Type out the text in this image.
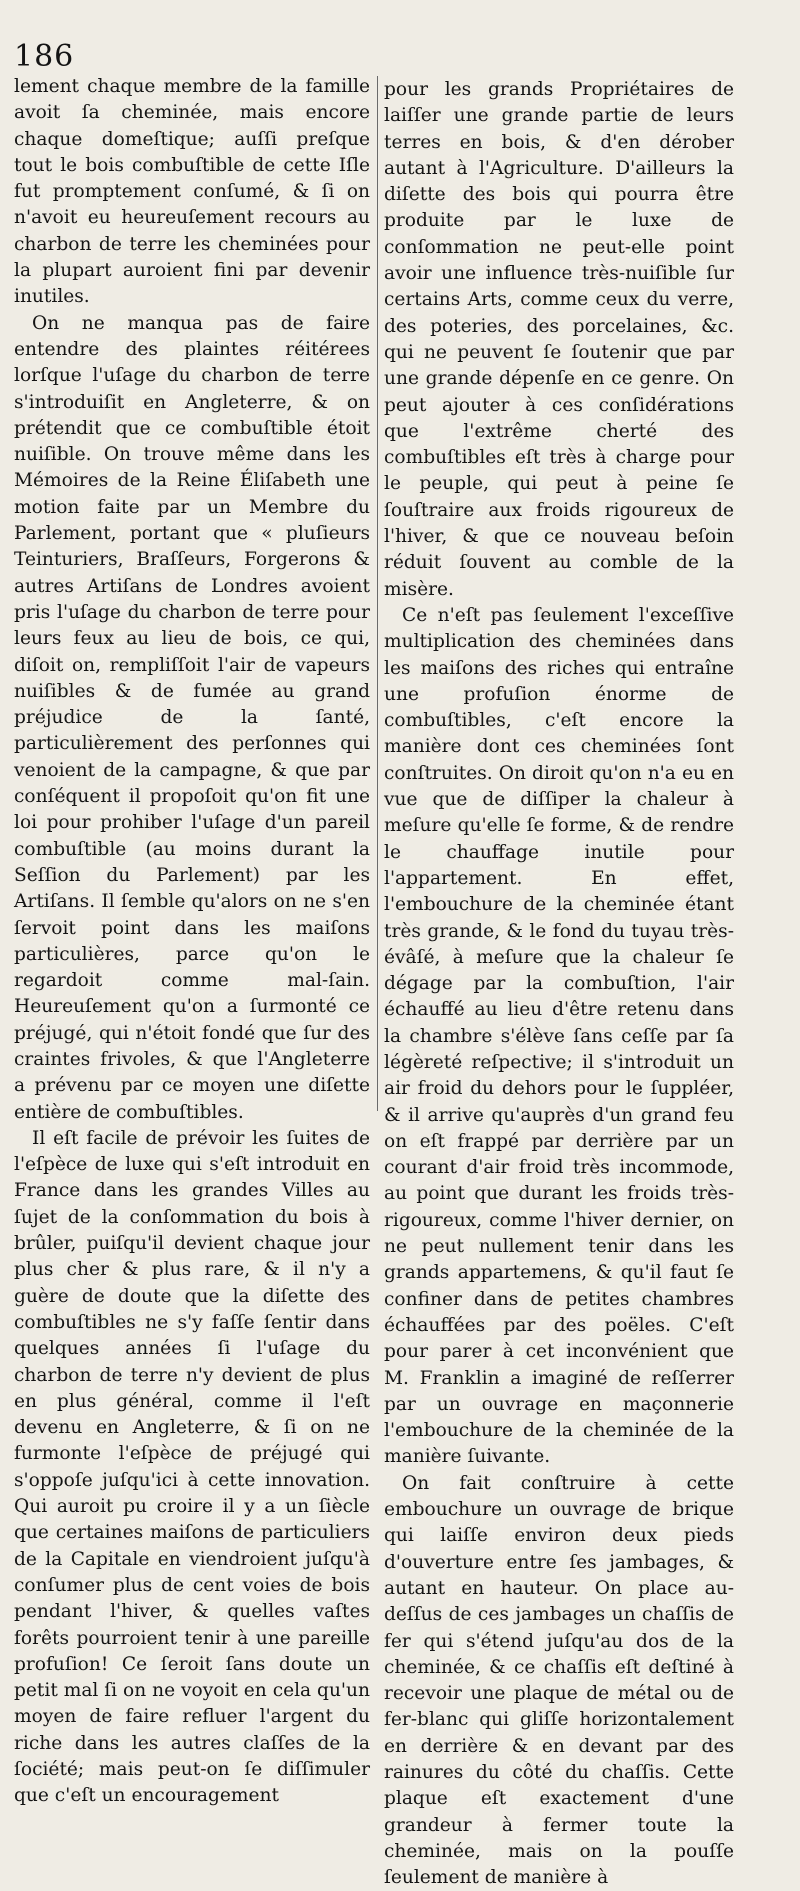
186

lement chaque membre de la famille avoit ſa cheminée, mais encore chaque domeſtique; auſſi preſque tout le bois combuſtible de cette Iſle fut promptement conſumé, & ſi on n'avoit eu heureuſement recours au charbon de terre les cheminées pour la plupart auroient fini par devenir inutiles.

On ne manqua pas de faire entendre des plaintes réitérees lorſque l'uſage du charbon de terre s'introduiſit en Angleterre, & on prétendit que ce combuſtible étoit nuiſible. On trouve même dans les Mémoires de la Reine Éliſabeth une motion faite par un Membre du Parlement, portant que « pluſieurs Teinturiers, Braſſeurs, Forgerons & autres Artiſans de Londres avoient pris l'uſage du charbon de terre pour leurs feux au lieu de bois, ce qui, diſoit on, rempliſſoit l'air de vapeurs nuiſibles & de fumée au grand préjudice de la ſanté, particulièrement des perſonnes qui venoient de la campagne, & que par conſéquent il propoſoit qu'on fit une loi pour prohiber l'uſage d'un pareil combuſtible (au moins durant la Seſſion du Parlement) par les Artiſans. Il ſemble qu'alors on ne s'en ſervoit point dans les maiſons particulières, parce qu'on le regardoit comme mal-ſain. Heureuſement qu'on a ſurmonté ce préjugé, qui n'étoit fondé que ſur des craintes frivoles, & que l'Angleterre a prévenu par ce moyen une diſette entière de combuſtibles.

Il eſt facile de prévoir les ſuites de l'eſpèce de luxe qui s'eſt introduit en France dans les grandes Villes au ſujet de la conſommation du bois à brûler, puiſqu'il devient chaque jour plus cher & plus rare, & il n'y a guère de doute que la diſette des combuſtibles ne s'y faſſe ſentir dans quelques années ſi l'uſage du charbon de terre n'y devient de plus en plus général, comme il l'eſt devenu en Angleterre, & ſi on ne furmonte l'eſpèce de préjugé qui s'oppoſe juſqu'ici à cette innovation. Qui auroit pu croire il y a un ſiècle que certaines maiſons de particuliers de la Capitale en viendroient juſqu'à conſumer plus de cent voies de bois pendant l'hiver, & quelles vaſtes forêts pourroient tenir à une pareille profuſion! Ce ſeroit ſans doute un petit mal ſi on ne voyoit en cela qu'un moyen de faire refluer l'argent du riche dans les autres claſſes de la ſociété; mais peut-on ſe diſſimuler que c'eſt un encouragement

pour les grands Propriétaires de laiſſer une grande partie de leurs terres en bois, & d'en dérober autant à l'Agriculture. D'ailleurs la diſette des bois qui pourra être produite par le luxe de conſommation ne peut-elle point avoir une influence très-nuiſible ſur certains Arts, comme ceux du verre, des poteries, des porcelaines, &c. qui ne peuvent ſe ſoutenir que par une grande dépenſe en ce genre. On peut ajouter à ces conſidérations que l'extrême cherté des combuſtibles eſt très à charge pour le peuple, qui peut à peine ſe ſouſtraire aux froids rigoureux de l'hiver, & que ce nouveau beſoin réduit ſouvent au comble de la misère.

Ce n'eſt pas ſeulement l'exceſſive multiplication des cheminées dans les maiſons des riches qui entraîne une profuſion énorme de combuſtibles, c'eſt encore la manière dont ces cheminées ſont conſtruites. On diroit qu'on n'a eu en vue que de diſſiper la chaleur à meſure qu'elle ſe forme, & de rendre le chauffage inutile pour l'appartement. En effet, l'embouchure de la cheminée étant très grande, & le fond du tuyau très-évâſé, à meſure que la chaleur ſe dégage par la combuſtion, l'air échauffé au lieu d'être retenu dans la chambre s'élève ſans ceſſe par ſa légèreté reſpective; il s'introduit un air froid du dehors pour le ſuppléer, & il arrive qu'auprès d'un grand feu on eſt frappé par derrière par un courant d'air froid très incommode, au point que durant les froids très-rigoureux, comme l'hiver dernier, on ne peut nullement tenir dans les grands appartemens, & qu'il faut ſe confiner dans de petites chambres échauffées par des poëles. C'eſt pour parer à cet inconvénient que M. Franklin a imaginé de reſſerrer par un ouvrage en maçonnerie l'embouchure de la cheminée de la manière ſuivante.

On fait conſtruire à cette embouchure un ouvrage de brique qui laiſſe environ deux pieds d'ouverture entre ſes jambages, & autant en hauteur. On place au-deſſus de ces jambages un chaſſis de fer qui s'étend juſqu'au dos de la cheminée, & ce chaſſis eſt deſtiné à recevoir une plaque de métal ou de fer-blanc qui gliſſe horizontalement en derrière & en devant par des rainures du côté du chaſſis. Cette plaque eſt exactement d'une grandeur à fermer toute la cheminée, mais on la pouſſe ſeulement de manière à
